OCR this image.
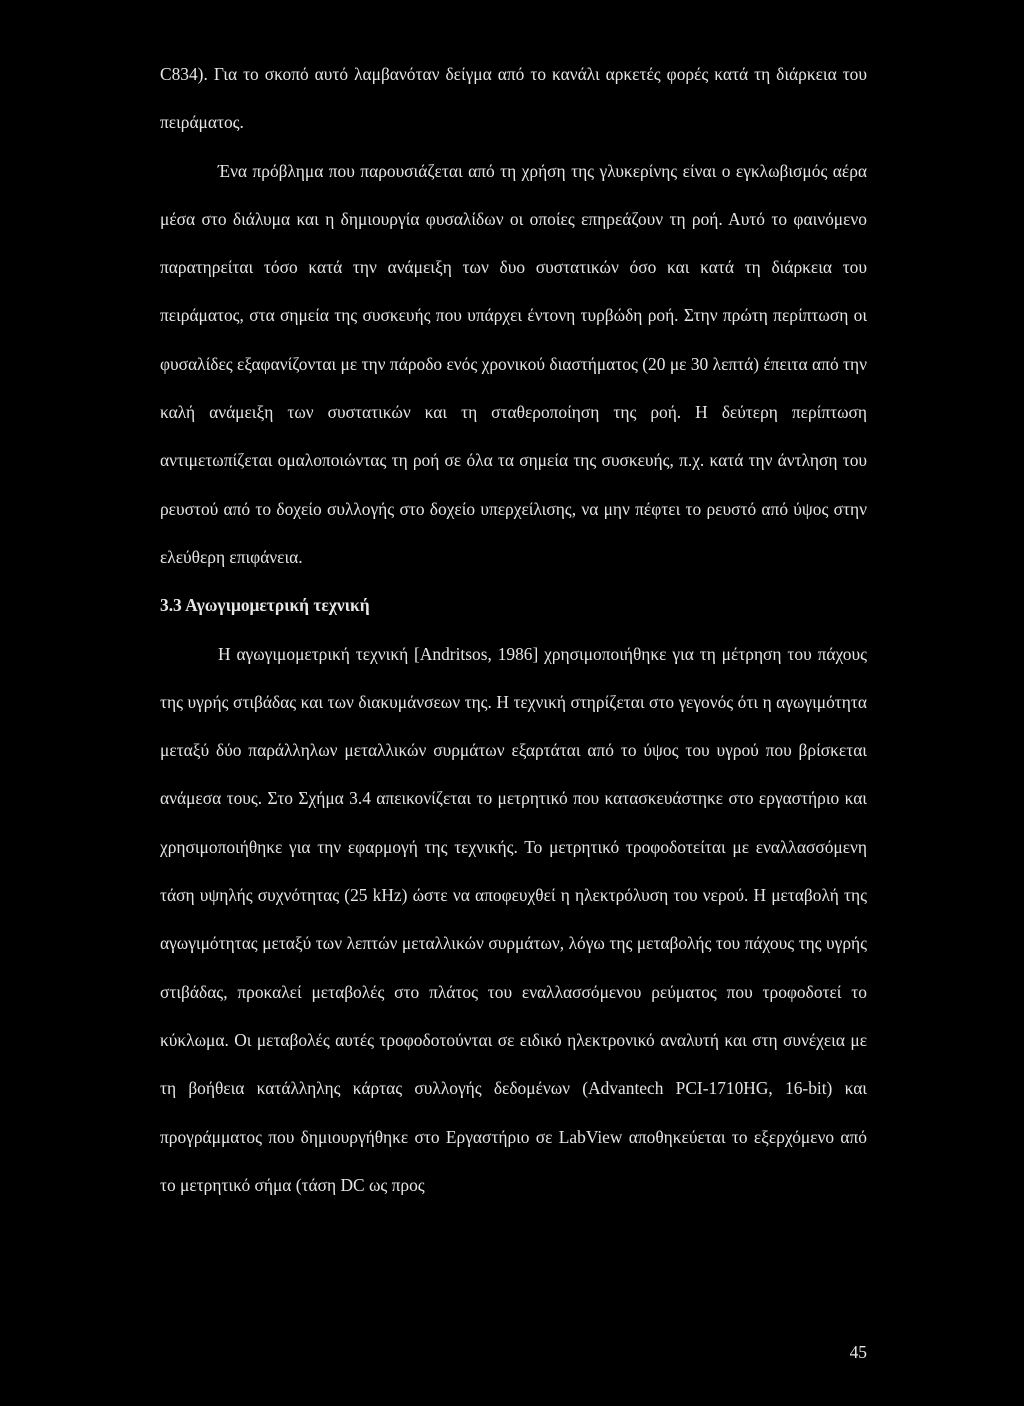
C834). Για το σκοπό αυτό λαμβανόταν δείγμα από το κανάλι αρκετές φορές κατά τη διάρκεια του πειράματος.

Ένα πρόβλημα που παρουσιάζεται από τη χρήση της γλυκερίνης είναι ο εγκλωβισμός αέρα μέσα στο διάλυμα και η δημιουργία φυσαλίδων οι οποίες επηρεάζουν τη ροή. Αυτό το φαινόμενο παρατηρείται τόσο κατά την ανάμειξη των δυο συστατικών όσο και κατά τη διάρκεια του πειράματος, στα σημεία της συσκευής που υπάρχει έντονη τυρβώδη ροή. Στην πρώτη περίπτωση οι φυσαλίδες εξαφανίζονται με την πάροδο ενός χρονικού διαστήματος (20 με 30 λεπτά) έπειτα από την καλή ανάμειξη των συστατικών και τη σταθεροποίηση της ροή. Η δεύτερη περίπτωση αντιμετωπίζεται ομαλοποιώντας τη ροή σε όλα τα σημεία της συσκευής, π.χ. κατά την άντληση του ρευστού από το δοχείο συλλογής στο δοχείο υπερχείλισης, να μην πέφτει το ρευστό από ύψος στην ελεύθερη επιφάνεια.

3.3 Αγωγιμομετρική τεχνική

Η αγωγιμομετρική τεχνική [Andritsos, 1986] χρησιμοποιήθηκε για τη μέτρηση του πάχους της υγρής στιβάδας και των διακυμάνσεων της. Η τεχνική στηρίζεται στο γεγονός ότι η αγωγιμότητα μεταξύ δύο παράλληλων μεταλλικών συρμάτων εξαρτάται από το ύψος του υγρού που βρίσκεται ανάμεσα τους. Στο Σχήμα 3.4 απεικονίζεται το μετρητικό που κατασκευάστηκε στο εργαστήριο και χρησιμοποιήθηκε για την εφαρμογή της τεχνικής. Το μετρητικό τροφοδοτείται με εναλλασσόμενη τάση υψηλής συχνότητας (25 kHz) ώστε να αποφευχθεί η ηλεκτρόλυση του νερού. Η μεταβολή της αγωγιμότητας μεταξύ των λεπτών μεταλλικών συρμάτων, λόγω της μεταβολής του πάχους της υγρής στιβάδας, προκαλεί μεταβολές στο πλάτος του εναλλασσόμενου ρεύματος που τροφοδοτεί το κύκλωμα. Οι μεταβολές αυτές τροφοδοτούνται σε ειδικό ηλεκτρονικό αναλυτή και στη συνέχεια με τη βοήθεια κατάλληλης κάρτας συλλογής δεδομένων (Advantech PCI-1710HG, 16-bit) και προγράμματος που δημιουργήθηκε στο Εργαστήριο σε LabView αποθηκεύεται το εξερχόμενο από το μετρητικό σήμα (τάση DC ως προς

45
